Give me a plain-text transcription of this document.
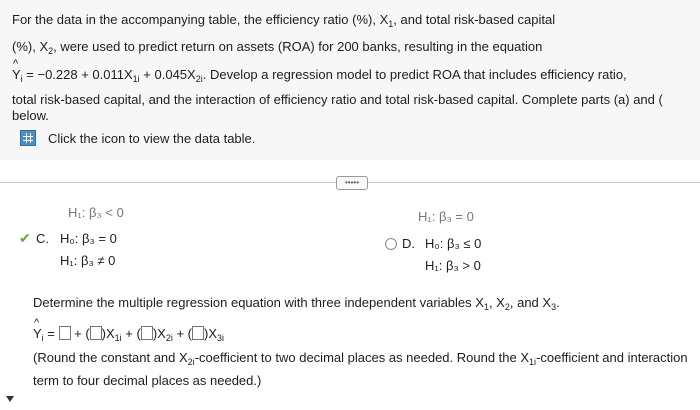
For the data in the accompanying table, the efficiency ratio (%), $X_1$, and total risk-based capital
(%), $X_2$, were used to predict return on assets (ROA) for 200 banks, resulting in the equation
^ $Y_i = -0.228 + 0.011X_{1i} + 0.045X_{2i}$. Develop a regression model to predict ROA that includes efficiency ratio,
total risk-based capital, and the interaction of efficiency ratio and total risk-based capital. Complete parts (a) and (
below.
Click the icon to view the data table.
•••••
H₁: β₃ < 0	H₁: β₃ = 0
✔ C. H₀: β₃ = 0
H₁: β₃ ≠ 0
D. H₀: β₃ ≤ 0
H₁: β₃ > 0
Determine the multiple regression equation with three independent variables $X_1$, $X_2$, and $X_3$.
^ $Y_i$ =  + ( )$X_{1i}$ + ( )$X_{2i}$ + ( )$X_{3i}$
(Round the constant and $X_{2i}$-coefficient to two decimal places as needed. Round the $X_{1i}$-coefficient and interaction
term to four decimal places as needed.)
